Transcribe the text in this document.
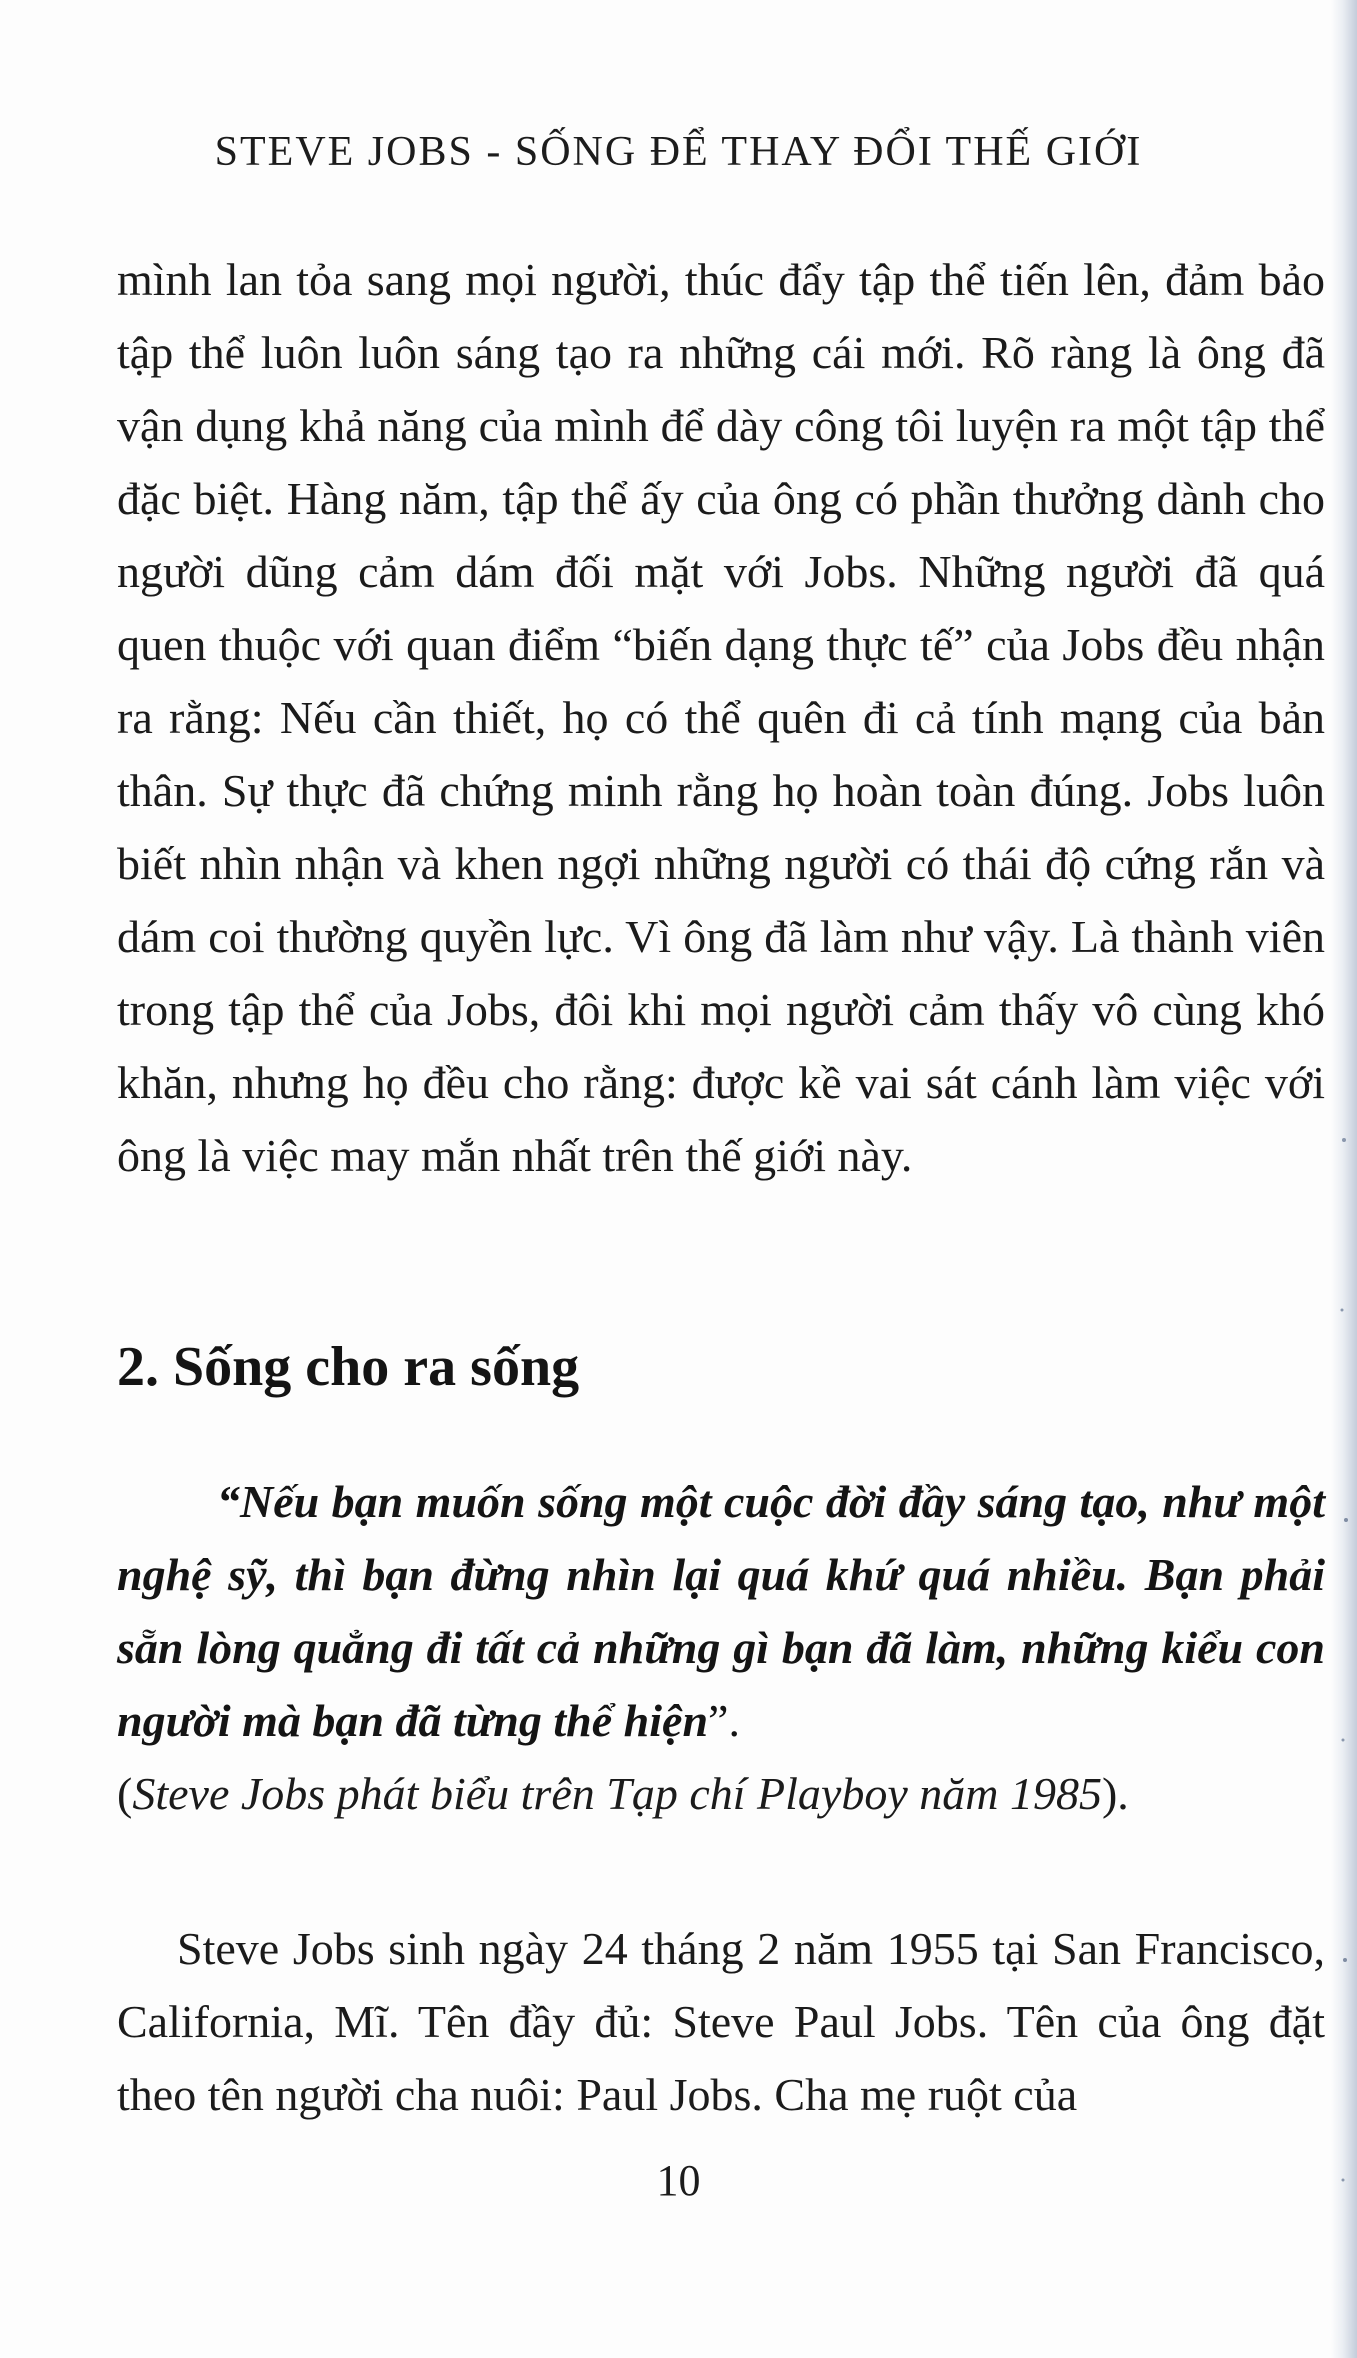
STEVE JOBS - SỐNG ĐỂ THAY ĐỔI THẾ GIỚI
mình lan tỏa sang mọi người, thúc đẩy tập thể tiến lên, đảm bảo tập thể luôn luôn sáng tạo ra những cái mới. Rõ ràng là ông đã vận dụng khả năng của mình để dày công tôi luyện ra một tập thể đặc biệt. Hàng năm, tập thể ấy của ông có phần thưởng dành cho người dũng cảm dám đối mặt với Jobs. Những người đã quá quen thuộc với quan điểm “biến dạng thực tế” của Jobs đều nhận ra rằng: Nếu cần thiết, họ có thể quên đi cả tính mạng của bản thân. Sự thực đã chứng minh rằng họ hoàn toàn đúng. Jobs luôn biết nhìn nhận và khen ngợi những người có thái độ cứng rắn và dám coi thường quyền lực. Vì ông đã làm như vậy. Là thành viên trong tập thể của Jobs, đôi khi mọi người cảm thấy vô cùng khó khăn, nhưng họ đều cho rằng: được kề vai sát cánh làm việc với ông là việc may mắn nhất trên thế giới này.
2. Sống cho ra sống
“Nếu bạn muốn sống một cuộc đời đầy sáng tạo, như một nghệ sỹ, thì bạn đừng nhìn lại quá khứ quá nhiều. Bạn phải sẵn lòng quẳng đi tất cả những gì bạn đã làm, những kiểu con người mà bạn đã từng thể hiện”.
(Steve Jobs phát biểu trên Tạp chí Playboy năm 1985).
Steve Jobs sinh ngày 24 tháng 2 năm 1955 tại San Francisco, California, Mĩ. Tên đầy đủ: Steve Paul Jobs. Tên của ông đặt theo tên người cha nuôi: Paul Jobs. Cha mẹ ruột của
10
